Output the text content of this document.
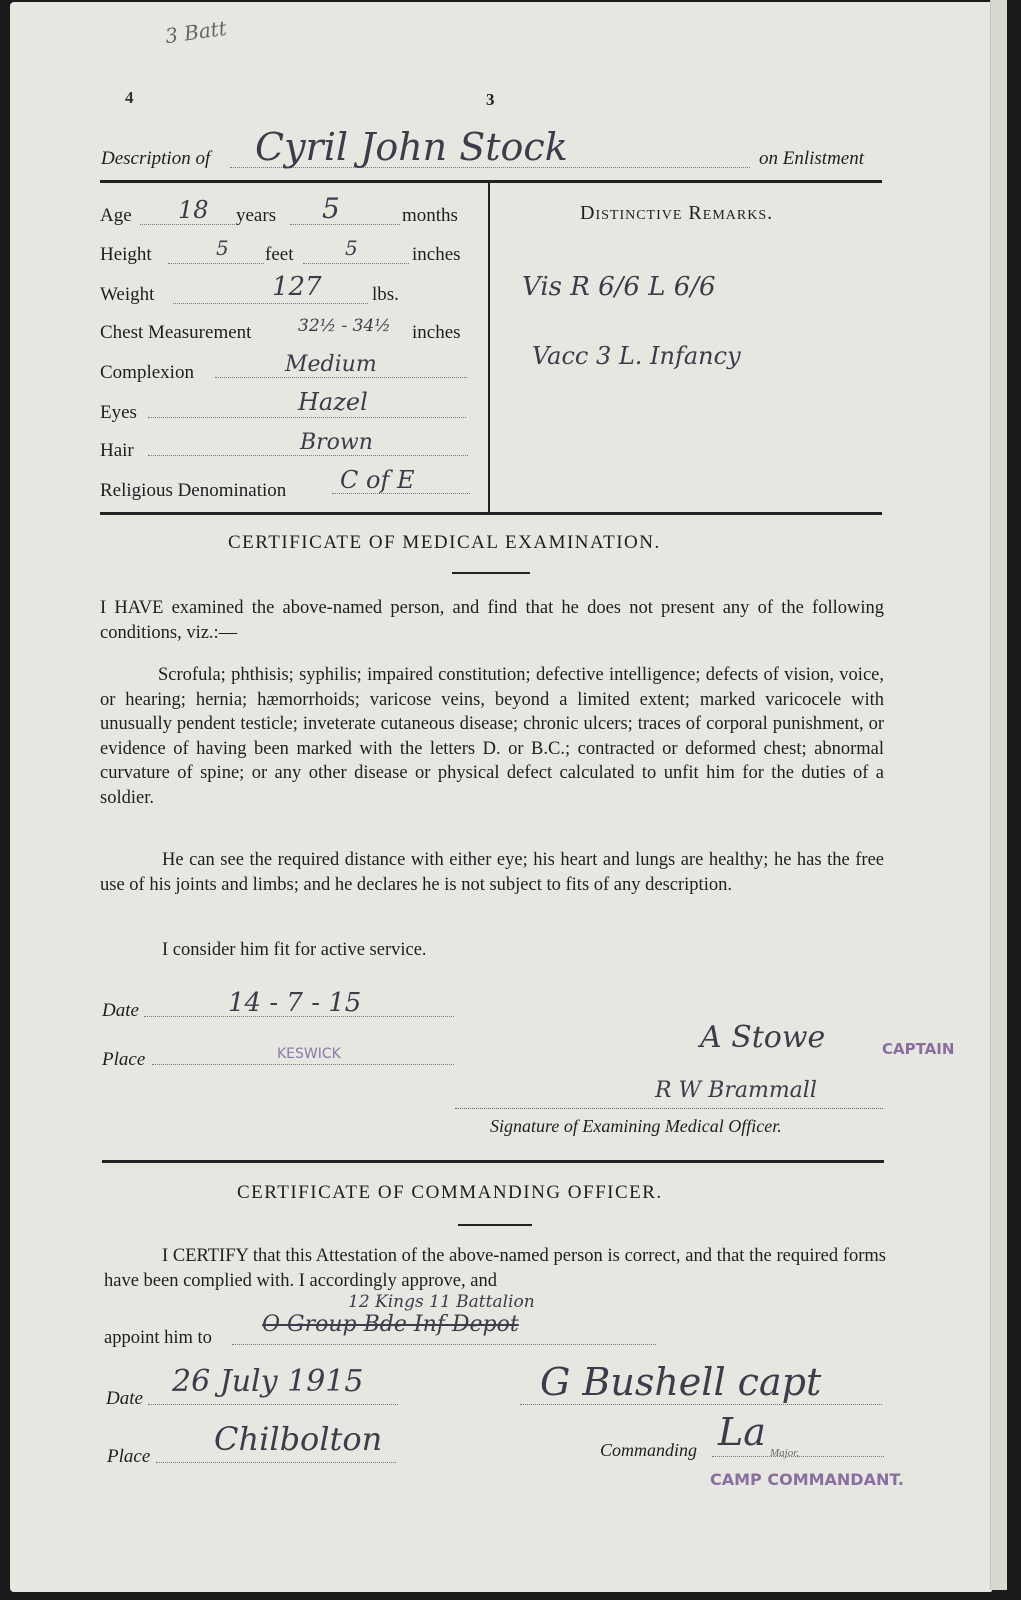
3 Batt
4	3
Description of Cyril John Stock	on Enlistment
Age 18 years 5	months
Height	5 feet	5	inches
Weight	127	lbs.
Chest Measurement	32½ - 34½ inches
Complexion	Medium
Eyes	Hazel
Hair	Brown
Religious Denomination C of E
Distinctive Remarks.
Vis R 6/6 L 6/6
Vacc 3 L. Infancy
CERTIFICATE OF MEDICAL EXAMINATION.
I HAVE examined the above-named person, and find that he does not present any of the following conditions, viz.:—
Scrofula; phthisis; syphilis; impaired constitution; defective intelligence; defects of vision, voice, or hearing; hernia; hæmorrhoids; varicose veins, beyond a limited extent; marked varicocele with unusually pendent testicle; inveterate cutaneous disease; chronic ulcers; traces of corporal punishment, or evidence of having been marked with the letters D. or B.C.; contracted or deformed chest; abnormal curvature of spine; or any other disease or physical defect calculated to unfit him for the duties of a soldier.
He can see the required distance with either eye; his heart and lungs are healthy; he has the free use of his joints and limbs; and he declares he is not subject to fits of any description.
I consider him fit for active service.
Date	14 - 7 - 15
Place	KESWICK	A Stowe	CAPTAIN
R W Brammall
Signature of Examining Medical Officer.
CERTIFICATE OF COMMANDING OFFICER.
I CERTIFY that this Attestation of the above-named person is correct, and that the required forms have been complied with. I accordingly approve, and
appoint him to
O Group Bde Inf Depot
12 Kings 11 Battalion
Date 26 July 1915	G Bushell capt
Place Chilbolton	Commanding La Major,
CAMP COMMANDANT.
